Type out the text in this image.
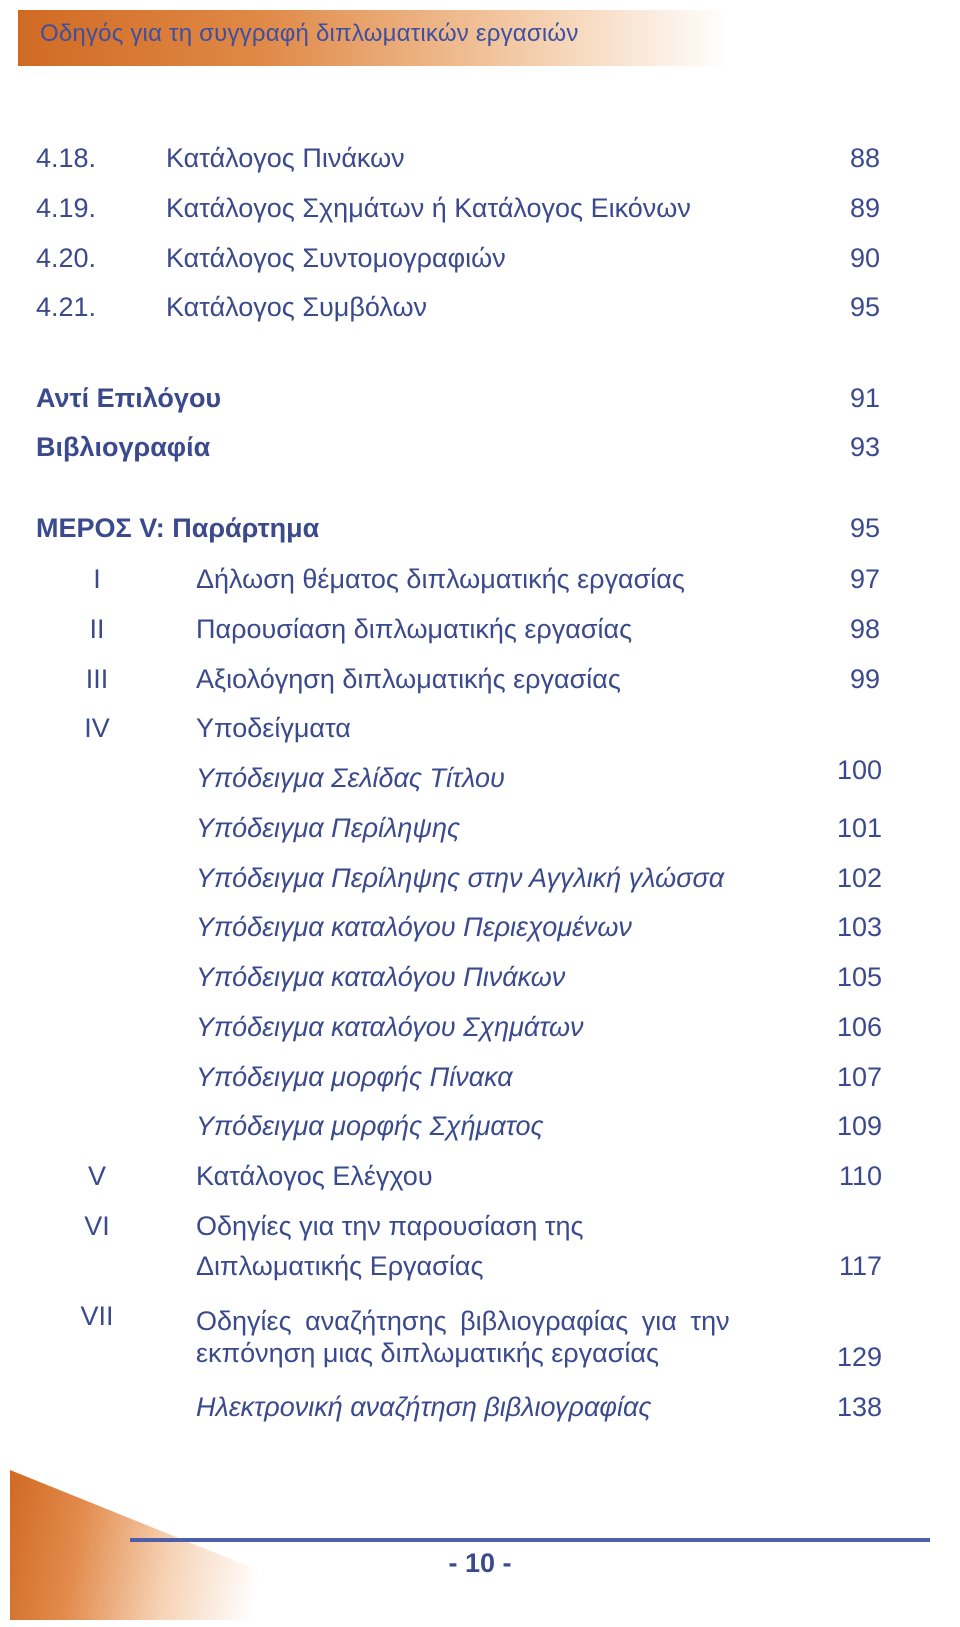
Οδηγός για τη συγγραφή διπλωματικών εργασιών
4.18.	Κατάλογος Πινάκων	88
4.19.	Κατάλογος Σχημάτων ή Κατάλογος Εικόνων	89
4.20.	Κατάλογος Συντομογραφιών	90
4.21.	Κατάλογος Συμβόλων	95
Αντί Επιλόγου	91
Βιβλιογραφία	93
ΜΕΡΟΣ V: Παράρτημα	95
I	Δήλωση θέματος διπλωματικής εργασίας	97
II	Παρουσίαση διπλωματικής εργασίας	98
III	Αξιολόγηση διπλωματικής εργασίας	99
IV	Υποδείγματα
Υπόδειγμα Σελίδας Τίτλου	100
Υπόδειγμα Περίληψης	101
Υπόδειγμα Περίληψης στην Αγγλική γλώσσα	102
Υπόδειγμα καταλόγου Περιεχομένων	103
Υπόδειγμα καταλόγου Πινάκων	105
Υπόδειγμα καταλόγου Σχημάτων	106
Υπόδειγμα μορφής Πίνακα	107
Υπόδειγμα μορφής Σχήματος	109
V	Κατάλογος Ελέγχου	110
VI	Οδηγίες για την παρουσίαση της
Διπλωματικής Εργασίας	117
VII	Οδηγίες αναζήτησης βιβλιογραφίας για την
εκπόνηση μιας διπλωματικής εργασίας	129
Ηλεκτρονική αναζήτηση βιβλιογραφίας	138
- 10 -
